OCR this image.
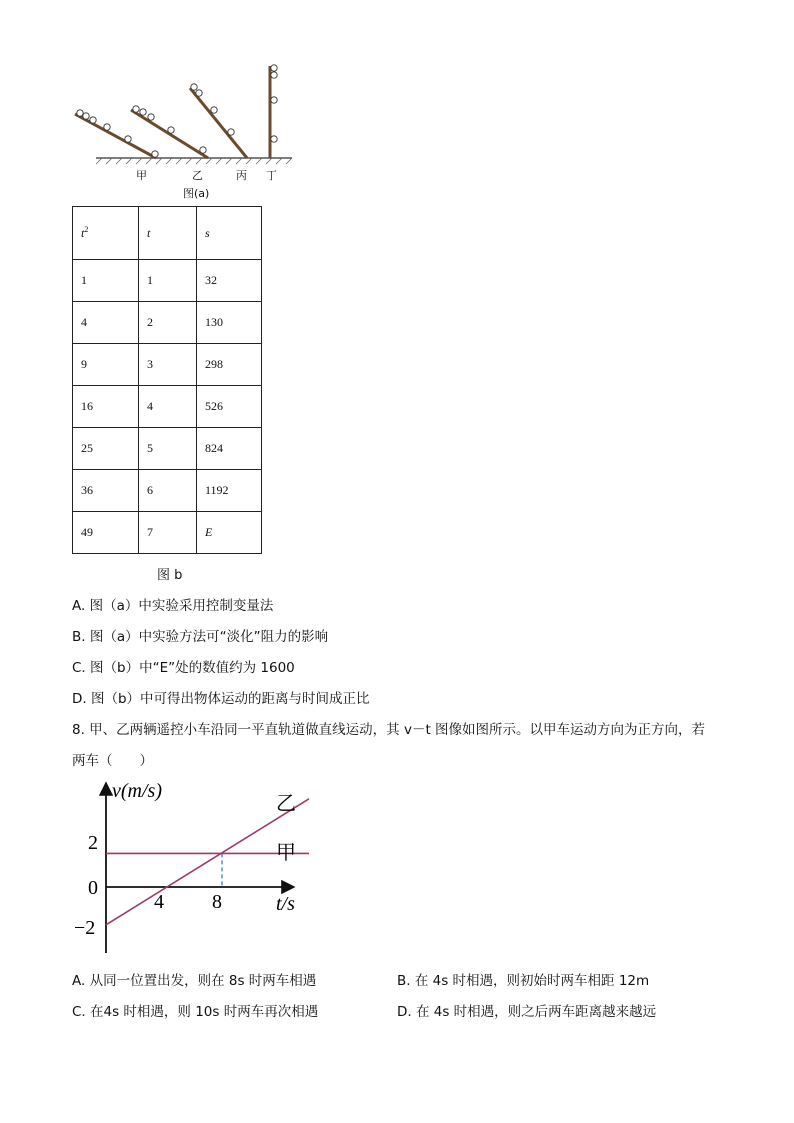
甲	乙	丙 丁
图(a)
$t^2$	t	s
1	1	32
4	2	130
9	3	298
16	4	526
25	5	824
36	6	1192
49	7	E
图 b
A. 图（a）中实验采用控制变量法
B. 图（a）中实验方法可“淡化”阻力的影响
C. 图（b）中“E”处的数值约为 1600
D. 图（b）中可得出物体运动的距离与时间成正比
8. 甲、乙两辆遥控小车沿同一平直轨道做直线运动，其 v－t 图像如图所示。以甲车运动方向为正方向，若
两车（　　）
v(m/s)
t/s
2
0
−2
4 8
乙
甲
A. 从同一位置出发，则在 8s 时两车相遇	B. 在 4s 时相遇，则初始时两车相距 12m
C. 在4s 时相遇，则 10s 时两车再次相遇	D. 在 4s 时相遇，则之后两车距离越来越远
